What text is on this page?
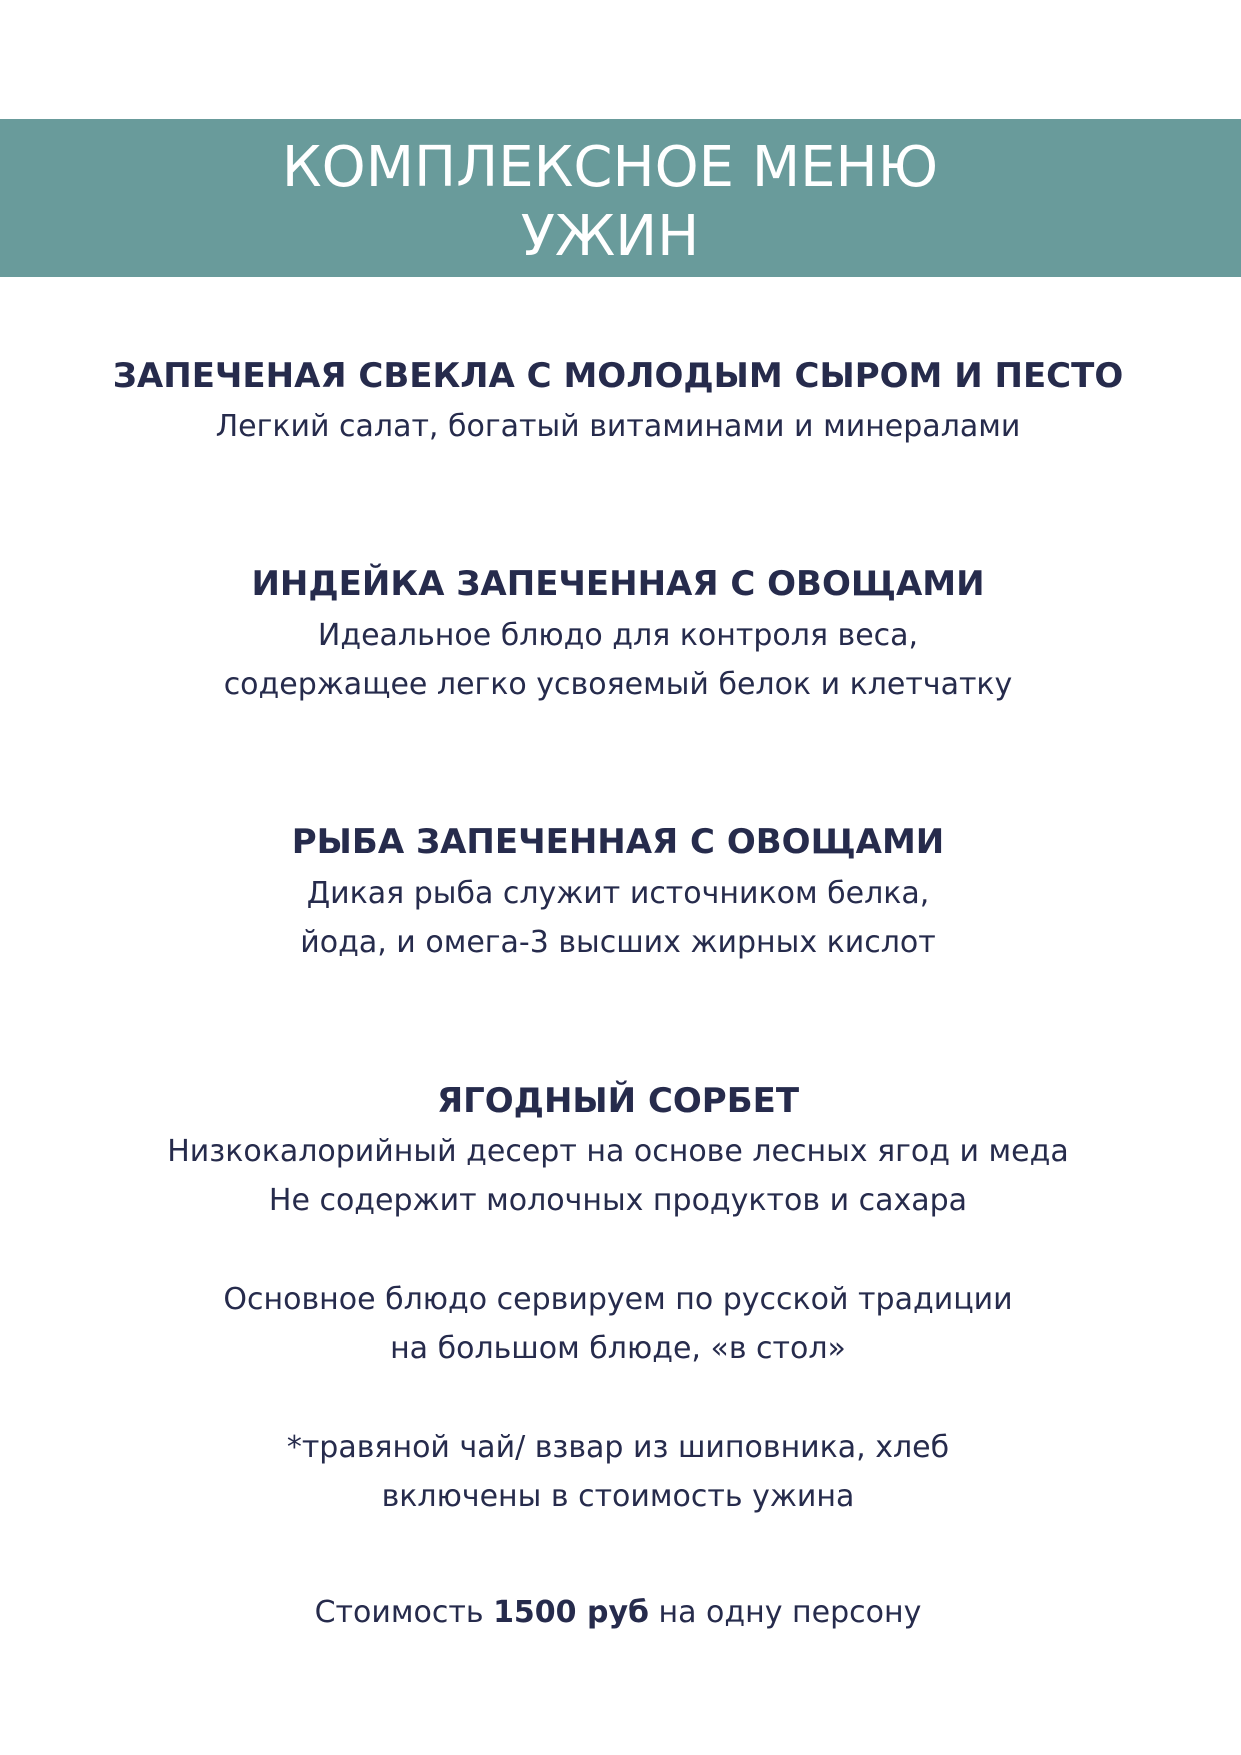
КОМПЛЕКСНОЕ МЕНЮ
УЖИН
ЗАПЕЧЕНАЯ СВЕКЛА С МОЛОДЫМ СЫРОМ И ПЕСТО
Легкий салат, богатый витаминами и минералами
ИНДЕЙКА ЗАПЕЧЕННАЯ С ОВОЩАМИ
Идеальное блюдо для контроля веса,
содержащее легко усвояемый белок и клетчатку
РЫБА ЗАПЕЧЕННАЯ С ОВОЩАМИ
Дикая рыба служит источником белка,
йода, и омега-3 высших жирных кислот
ЯГОДНЫЙ СОРБЕТ
Низкокалорийный десерт на основе лесных ягод и меда
Не содержит молочных продуктов и сахара
Основное блюдо сервируем по русской традиции
на большом блюде, «в стол»
*травяной чай/ взвар из шиповника, хлеб
включены в стоимость ужина
Стоимость 1500 руб на одну персону
